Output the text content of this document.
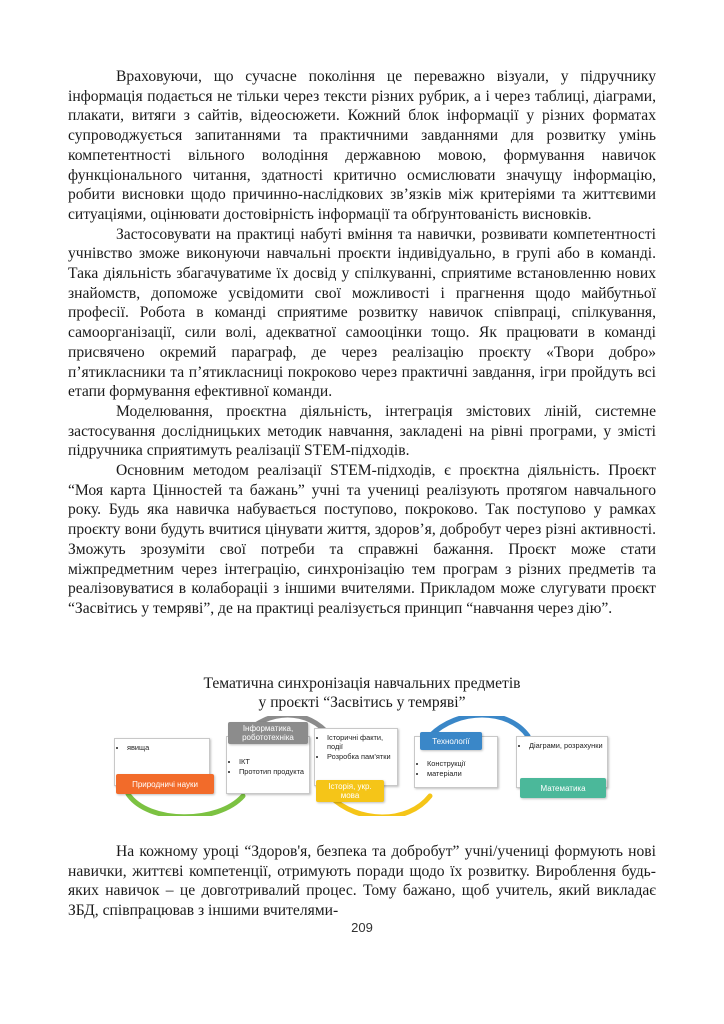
Враховуючи, що сучасне покоління це переважно візуали, у підручнику інформація подається не тільки через тексти різних рубрик, а і через таблиці, діаграми, плакати, витяги з сайтів, відеосюжети. Кожний блок інформації у різних форматах супроводжується запитаннями та практичними завданнями для розвитку умінь компетентності вільного володіння державною мовою, формування навичок функціонального читання, здатності критично осмислювати значущу інформацію, робити висновки щодо причинно-наслідкових зв’язків між критеріями та життєвими ситуаціями, оцінювати достовірність інформації та обґрунтованість висновків.

Застосовувати на практиці набуті вміння та навички, розвивати компетентності учнівство зможе виконуючи навчальні проєкти індивідуально, в групі або в команді. Така діяльність збагачуватиме їх досвід у спілкуванні, сприятиме встановленню нових знайомств, допоможе усвідомити свої можливості і прагнення щодо майбутньої професії. Робота в команді сприятиме розвитку навичок співпраці, спілкування, самоорганізації, сили волі, адекватної самооцінки тощо. Як працювати в команді присвячено окремий параграф, де через реалізацію проєкту «Твори добро» п’ятикласники та п’ятикласниці покроково через практичні завдання, ігри пройдуть всі етапи формування ефективної команди.

Моделювання, проєктна діяльність, інтеграція змістових ліній, системне застосування дослідницьких методик навчання, закладені на рівні програми, у змісті підручника сприятимуть реалізації STEM-підходів.

Основним методом реалізації STEM-підходів, є проєктна діяльність. Проєкт “Моя карта Цінностей та бажань” учні та учениці реалізують протягом навчального року. Будь яка навичка набувається поступово, покроково. Так поступово у рамках проєкту вони будуть вчитися цінувати життя, здоров’я, добробут через різні активності. Зможуть зрозуміти свої потреби та справжні бажання. Проєкт може стати міжпредметним через інтеграцію, синхронізацію тем програм з різних предметів та реалізовуватися в колабораціі з іншими вчителями. Прикладом може слугувати проєкт “Засвітись у темряві”, де на практиці реалізується принцип “навчання через дію”.

Тематична синхронізація навчальних предметів
у проєкті “Засвітись у темряві”
• явища
Природничі науки
• ІКТ
• Прототип продукта
Інформатика, робототехніка	• Історичні факти, події
• Розробка пам’ятки
Історія, укр. мова
• Конструкції
• матеріали
Технології	• Діаграми, розрахунки
Математика

На кожному уроці “Здоров'я, безпека та добробут” учні/учениці формують нові навички, життєві компетенції, отримують поради щодо їх розвитку. Вироблення будь-яких навичок – це довготривалий процес. Тому бажано, щоб учитель, який викладає ЗБД, співпрацював з іншими вчителями-

209
